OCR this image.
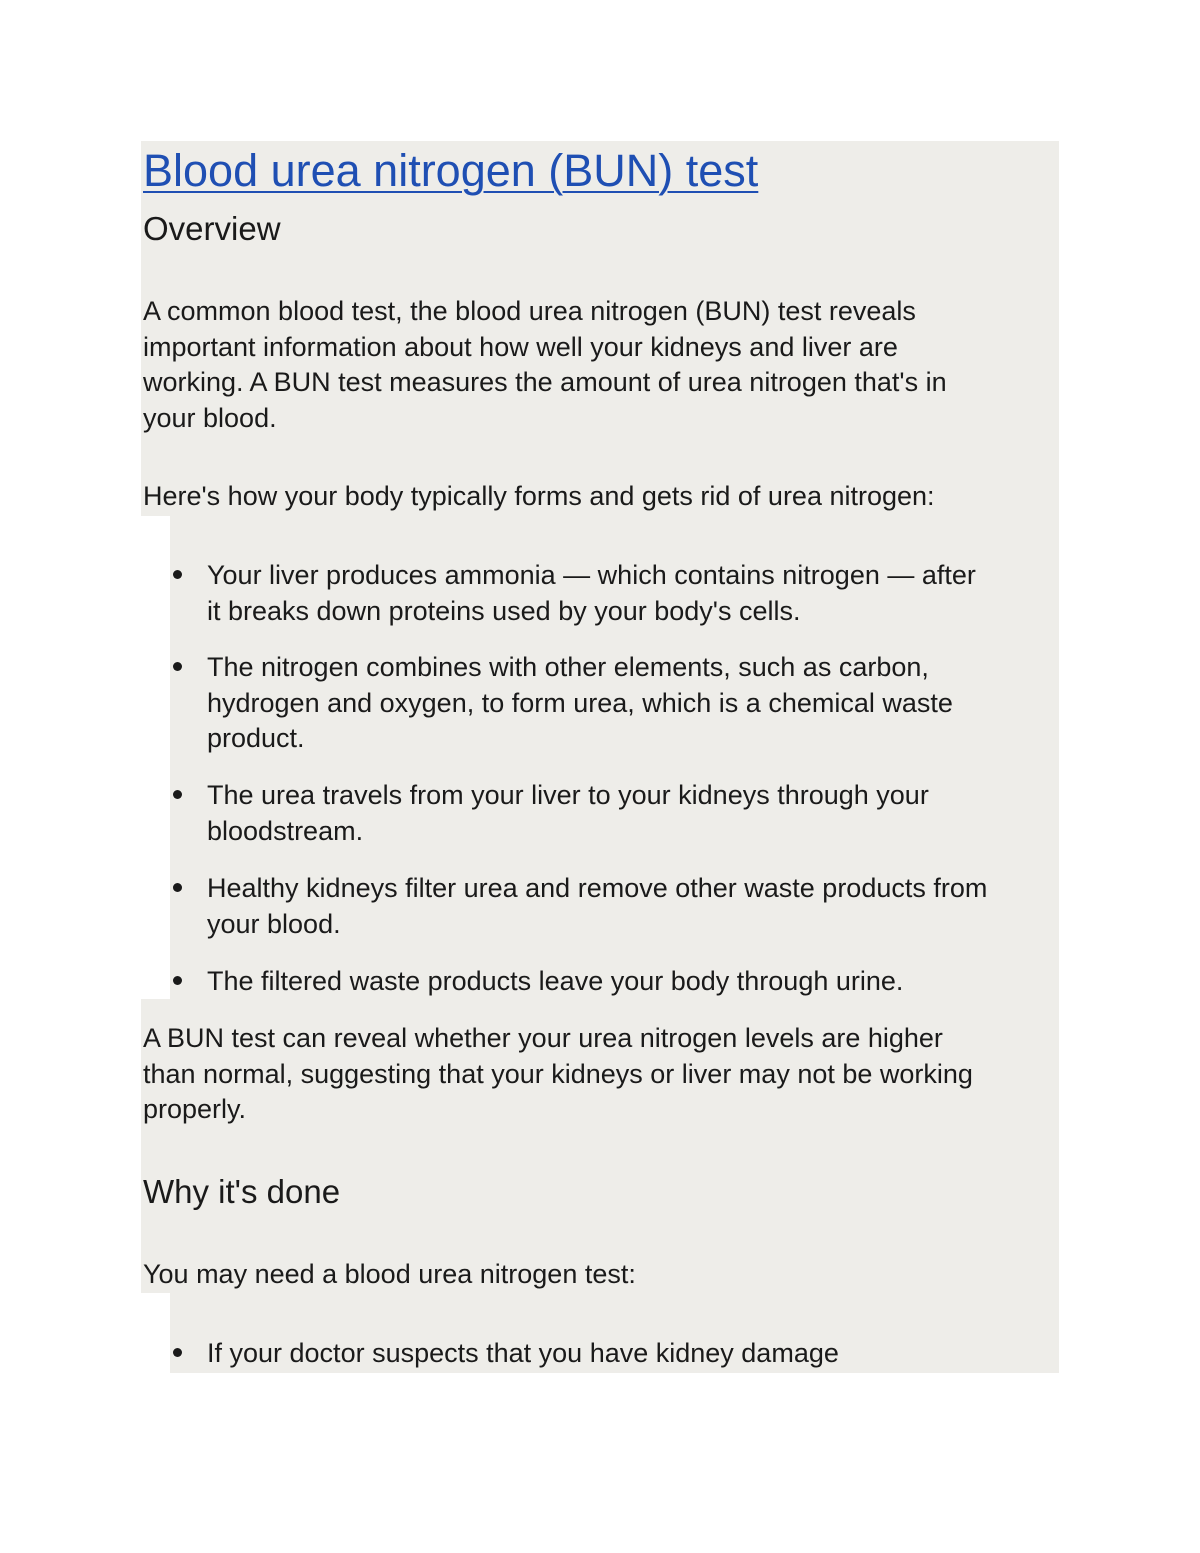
Blood urea nitrogen (BUN) test
Overview
A common blood test, the blood urea nitrogen (BUN) test reveals
important information about how well your kidneys and liver are
working. A BUN test measures the amount of urea nitrogen that's in
your blood.

Here's how your body typically forms and gets rid of urea nitrogen:

Your liver produces ammonia — which contains nitrogen — after
it breaks down proteins used by your body's cells.
The nitrogen combines with other elements, such as carbon,
hydrogen and oxygen, to form urea, which is a chemical waste
product.
The urea travels from your liver to your kidneys through your
bloodstream.
Healthy kidneys filter urea and remove other waste products from
your blood.
The filtered waste products leave your body through urine.
A BUN test can reveal whether your urea nitrogen levels are higher
than normal, suggesting that your kidneys or liver may not be working
properly.
Why it's done

You may need a blood urea nitrogen test:

If your doctor suspects that you have kidney damage
